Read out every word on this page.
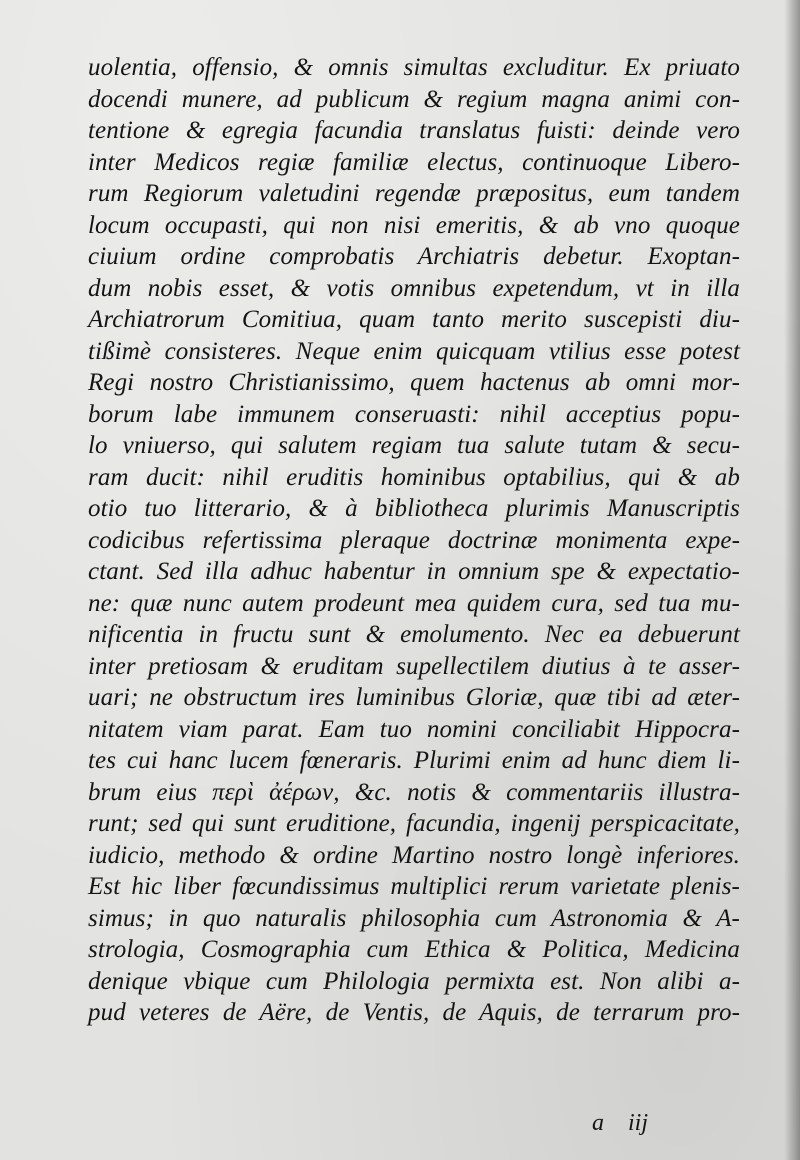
uolentia, offensio, & omnis simultas excluditur. Ex priuato
docendi munere, ad publicum & regium magna animi con-
tentione & egregia facundia translatus fuisti: deinde vero
inter Medicos regiæ familiæ electus, continuoque Libero-
rum Regiorum valetudini regendæ præpositus, eum tandem
locum occupasti, qui non nisi emeritis, & ab vno quoque
ciuium ordine comprobatis Archiatris debetur. Exoptan-
dum nobis esset, & votis omnibus expetendum, vt in illa
Archiatrorum Comitiua, quam tanto merito suscepisti diu-
tißimè consisteres. Neque enim quicquam vtilius esse potest
Regi nostro Christianissimo, quem hactenus ab omni mor-
borum labe immunem conseruasti: nihil acceptius popu-
lo vniuerso, qui salutem regiam tua salute tutam & secu-
ram ducit: nihil eruditis hominibus optabilius, qui & ab
otio tuo litterario, & à bibliotheca plurimis Manuscriptis
codicibus refertissima pleraque doctrinæ monimenta expe-
ctant. Sed illa adhuc habentur in omnium spe & expectatio-
ne: quæ nunc autem prodeunt mea quidem cura, sed tua mu-
nificentia in fructu sunt & emolumento. Nec ea debuerunt
inter pretiosam & eruditam supellectilem diutius à te asser-
uari; ne obstructum ires luminibus Gloriæ, quæ tibi ad æter-
nitatem viam parat. Eam tuo nomini conciliabit Hippocra-
tes cui hanc lucem fœneraris. Plurimi enim ad hunc diem li-
brum eius περὶ ἀέρων, &c. notis & commentariis illustra-
runt; sed qui sunt eruditione, facundia, ingenij perspicacitate,
iudicio, methodo & ordine Martino nostro longè inferiores.
Est hic liber fœcundissimus multiplici rerum varietate plenis-
simus; in quo naturalis philosophia cum Astronomia & A-
strologia, Cosmographia cum Ethica & Politica, Medicina
denique vbique cum Philologia permixta est. Non alibi a-
pud veteres de Aëre, de Ventis, de Aquis, de terrarum pro-
a iij
